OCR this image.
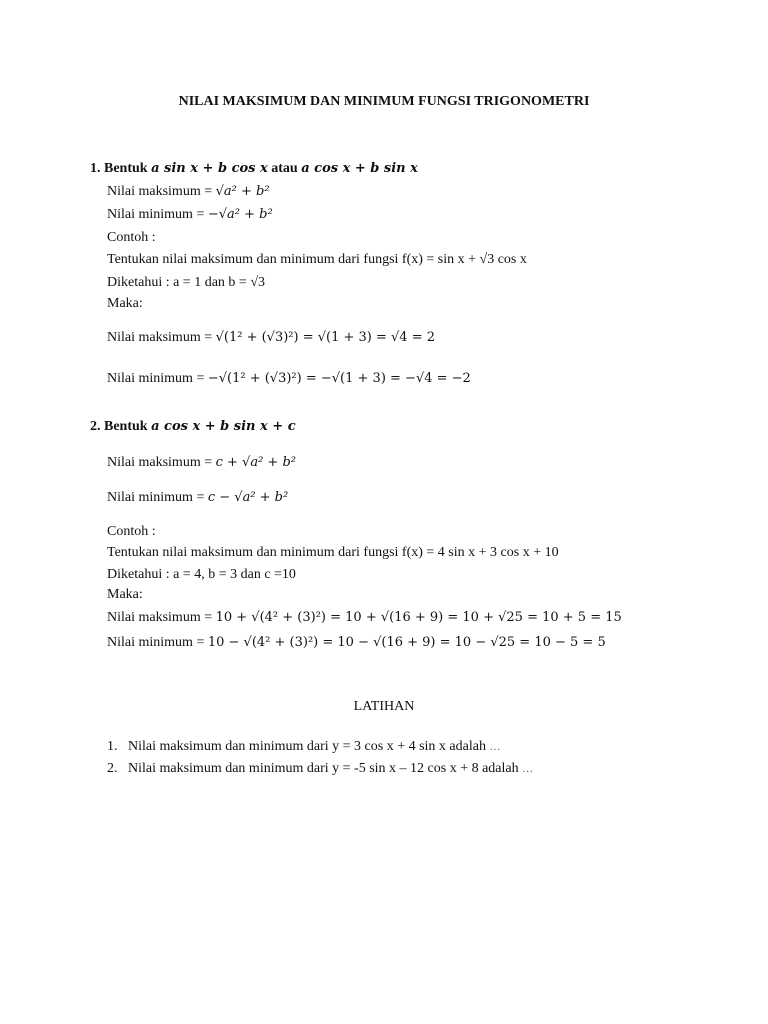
NILAI MAKSIMUM DAN MINIMUM FUNGSI TRIGONOMETRI
1. Bentuk a sin x + b cos x atau a cos x + b sin x
Nilai maksimum = √a² + b²
Nilai minimum = −√a² + b²
Contoh :
Tentukan nilai maksimum dan minimum dari fungsi f(x) = sin x + √3 cos x
Diketahui : a = 1 dan b = √3
Maka:
Nilai maksimum = √(1² + (√3)²) = √(1 + 3) = √4 = 2
Nilai minimum = −√(1² + (√3)²) = −√(1 + 3) = −√4 = −2
2. Bentuk a cos x + b sin x + c
Nilai maksimum = c + √a² + b²
Nilai minimum = c − √a² + b²
Contoh :
Tentukan nilai maksimum dan minimum dari fungsi f(x) = 4 sin x + 3 cos x + 10
Diketahui : a = 4, b = 3 dan c =10
Maka:
Nilai maksimum = 10 + √(4² + (3)²) = 10 + √(16 + 9) = 10 + √25 = 10 + 5 = 15
Nilai minimum = 10 − √(4² + (3)²) = 10 − √(16 + 9) = 10 − √25 = 10 − 5 = 5
LATIHAN
1. Nilai maksimum dan minimum dari y = 3 cos x + 4 sin x adalah …
2. Nilai maksimum dan minimum dari y = -5 sin x – 12 cos x + 8 adalah …
